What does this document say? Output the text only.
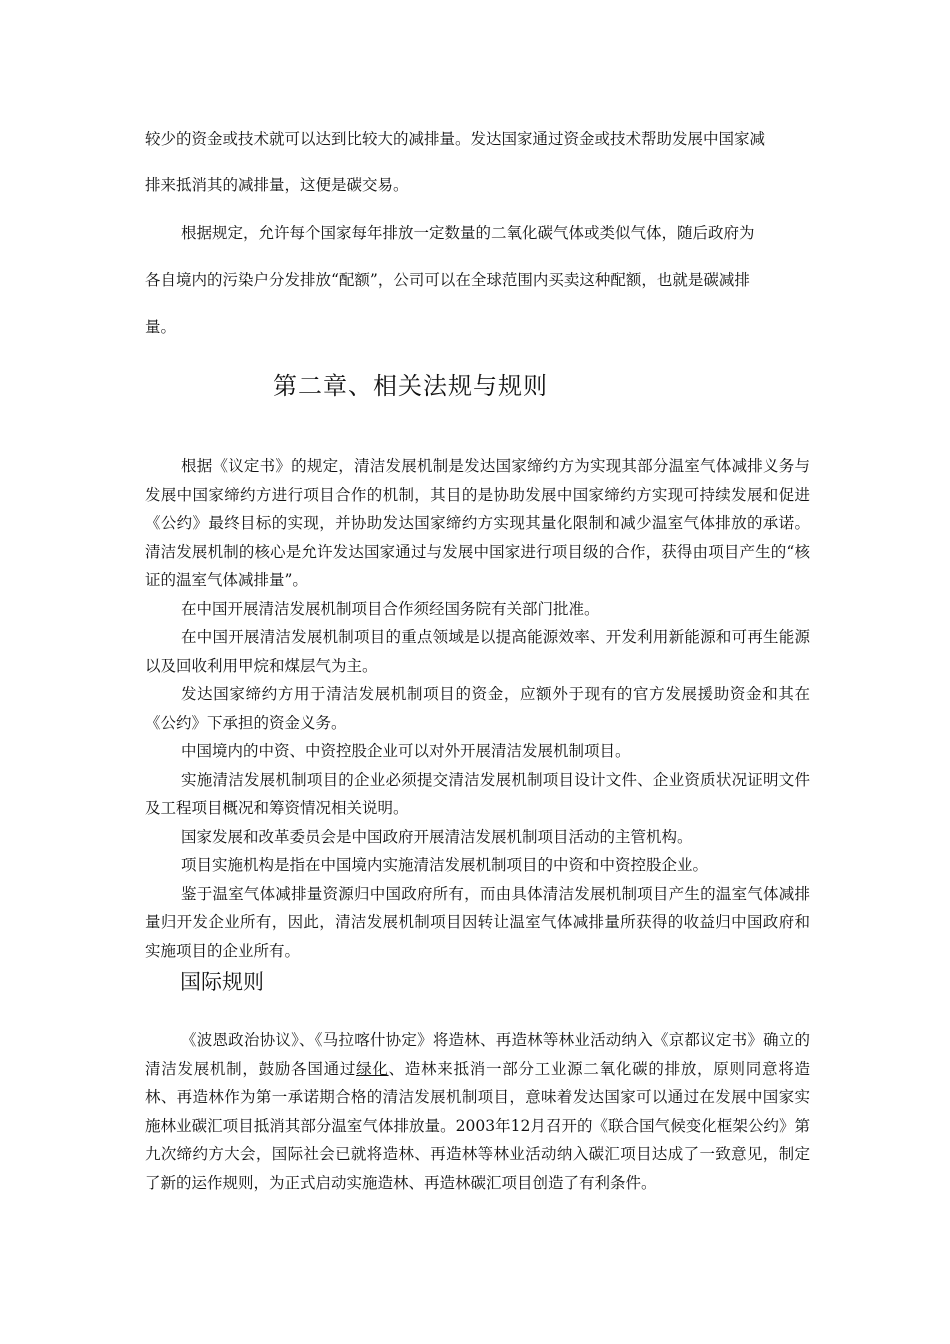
较少的资金或技术就可以达到比较大的减排量。发达国家通过资金或技术帮助发展中国家减

排来抵消其的减排量，这便是碳交易。

根据规定，允许每个国家每年排放一定数量的二氧化碳气体或类似气体，随后政府为

各自境内的污染户分发排放“配额”，公司可以在全球范围内买卖这种配额，也就是碳减排

量。

第二章、相关法规与规则

根据《议定书》的规定，清洁发展机制是发达国家缔约方为实现其部分温室气体减排义务与发展中国家缔约方进行项目合作的机制，其目的是协助发展中国家缔约方实现可持续发展和促进《公约》最终目标的实现，并协助发达国家缔约方实现其量化限制和减少温室气体排放的承诺。清洁发展机制的核心是允许发达国家通过与发展中国家进行项目级的合作，获得由项目产生的“核证的温室气体减排量”。

在中国开展清洁发展机制项目合作须经国务院有关部门批准。

在中国开展清洁发展机制项目的重点领域是以提高能源效率、开发利用新能源和可再生能源以及回收利用甲烷和煤层气为主。

发达国家缔约方用于清洁发展机制项目的资金，应额外于现有的官方发展援助资金和其在《公约》下承担的资金义务。

中国境内的中资、中资控股企业可以对外开展清洁发展机制项目。

实施清洁发展机制项目的企业必须提交清洁发展机制项目设计文件、企业资质状况证明文件及工程项目概况和筹资情况相关说明。

国家发展和改革委员会是中国政府开展清洁发展机制项目活动的主管机构。

项目实施机构是指在中国境内实施清洁发展机制项目的中资和中资控股企业。

鉴于温室气体减排量资源归中国政府所有，而由具体清洁发展机制项目产生的温室气体减排量归开发企业所有，因此，清洁发展机制项目因转让温室气体减排量所获得的收益归中国政府和实施项目的企业所有。

国际规则

《波恩政治协议》、《马拉喀什协定》将造林、再造林等林业活动纳入《京都议定书》确立的清洁发展机制，鼓励各国通过绿化、造林来抵消一部分工业源二氧化碳的排放，原则同意将造林、再造林作为第一承诺期合格的清洁发展机制项目，意味着发达国家可以通过在发展中国家实施林业碳汇项目抵消其部分温室气体排放量。2003年12月召开的《联合国气候变化框架公约》第九次缔约方大会，国际社会已就将造林、再造林等林业活动纳入碳汇项目达成了一致意见，制定了新的运作规则，为正式启动实施造林、再造林碳汇项目创造了有利条件。
